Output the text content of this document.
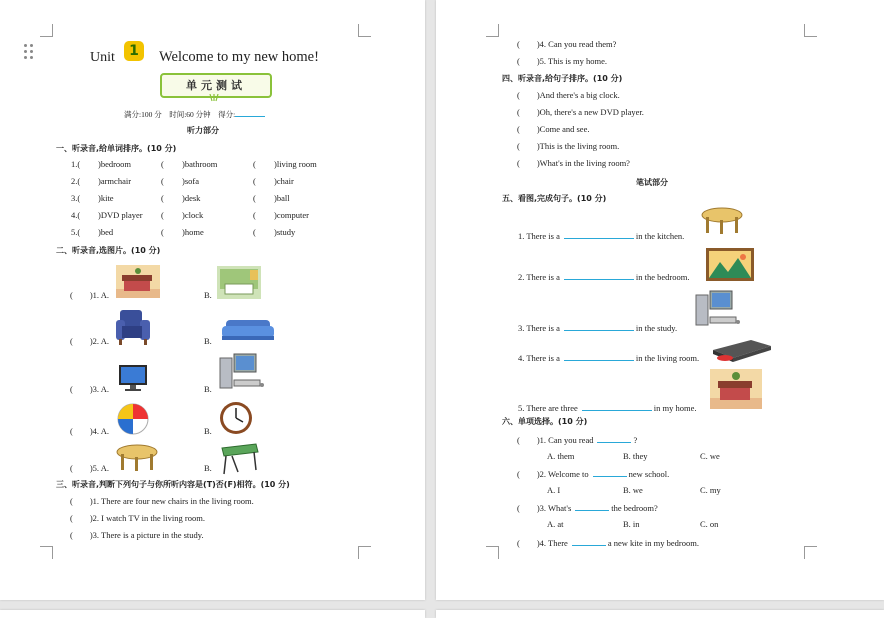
Unit	1	Welcome to my new home!
单元测试
满分:100 分　时间:60 分钟　得分:
听力部分
一、听录音,给单词排序。(10 分)
二、听录音,选图片。(10 分)
三、听录音,判断下列句子与你所听内容是(T)否(F)相符。(10 分)
1.( )bedroom	( )bathroom	( )living room
2.( )armchair	( )sofa	( )chair
3.( )kite	( )desk	( )ball
4.( )DVD player ( )clock	( )computer
5.( )bed	( )home	( )study
(　　)1. A.	B.
(　　)2. A.	B.
(　　)3. A.	B.
(　　)4. A.	B.
(　　)5. A.	B.
(　　)1. There are four new chairs in the living room.
(　　)2. I watch TV in the living room.
(　　)3. There is a picture in the study.
四、听录音,给句子排序。(10 分)
笔试部分
五、看图,完成句子。(10 分)
六、单项选择。(10 分)
(　　)4. Can you read them?
(　　)5. This is my home.
(　　)And there's a big clock.
(　　)Oh, there's a new DVD player.
(　　)Come and see.
(　　)This is the living room.
(　　)What's in the living room?
1. There is a	in the kitchen.
2. There is a	in the bedroom.
3. There is a	in the study.
4. There is a	in the living room.
5. There are three	in my home.
(　　)1. Can you read	?
A. them	B. they	C. we
(　　)2. Welcome to	new school.
A. I	B. we	C. my
(　　)3. What's	the bedroom?
A. at	B. in	C. on
(　　)4. There	a new kite in my bedroom.
